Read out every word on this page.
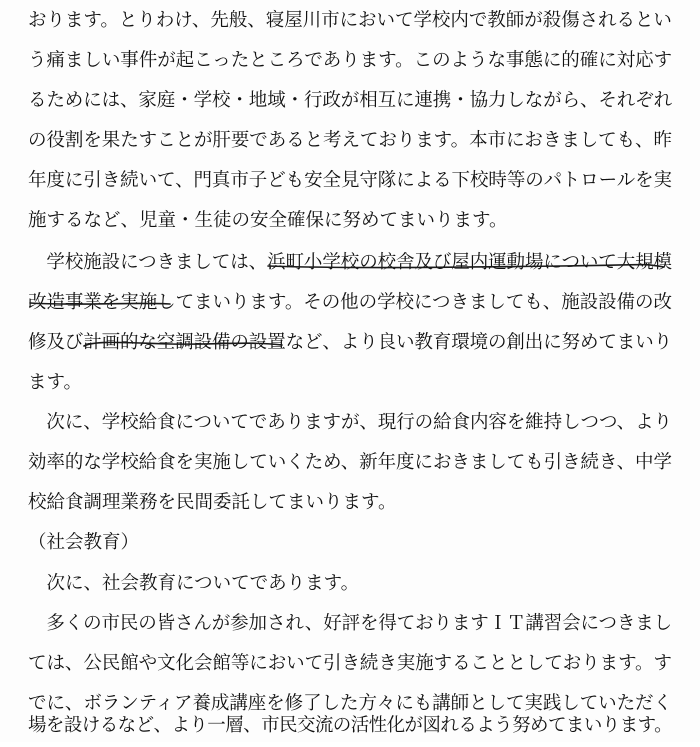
おります。とりわけ、先般、寝屋川市において学校内で教師が殺傷されるとい
う痛ましい事件が起こったところであります。このような事態に的確に対応す
るためには、家庭・学校・地域・行政が相互に連携・協力しながら、それぞれ
の役割を果たすことが肝要であると考えております。本市におきましても、昨
年度に引き続いて、門真市子ども安全見守隊による下校時等のパトロールを実
施するなど、児童・生徒の安全確保に努めてまいります。
　学校施設につきましては、浜町小学校の校舎及び屋内運動場について大規模
改造事業を実施してまいります。その他の学校につきましても、施設設備の改
修及び計画的な空調設備の設置など、より良い教育環境の創出に努めてまいり
ます。
　次に、学校給食についてでありますが、現行の給食内容を維持しつつ、より
効率的な学校給食を実施していくため、新年度におきましても引き続き、中学
校給食調理業務を民間委託してまいります。
（社会教育）
　次に、社会教育についてであります。
　多くの市民の皆さんが参加され、好評を得ておりますＩＴ講習会につきまし
ては、公民館や文化会館等において引き続き実施することとしております。す
でに、ボランティア養成講座を修了した方々にも講師として実践していただく
場を設けるなど、より一層、市民交流の活性化が図れるよう努めてまいります。
